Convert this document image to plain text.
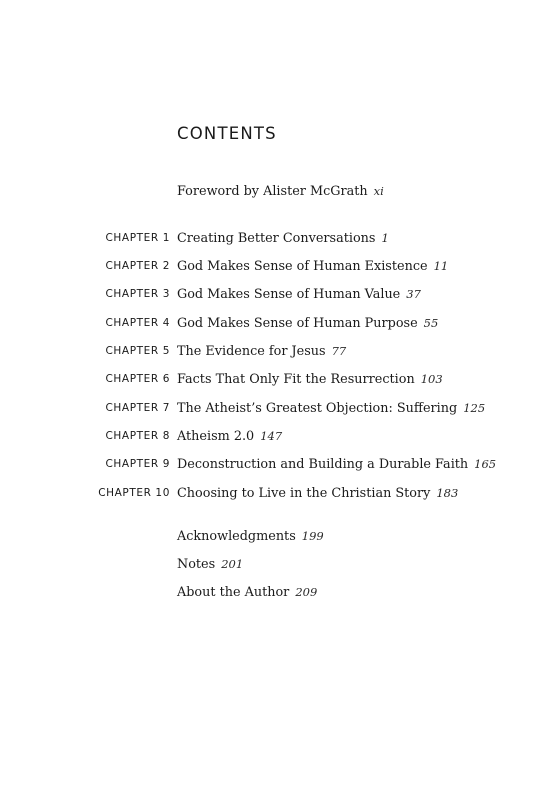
CONTENTS
Foreword by Alister McGrath xi
CHAPTER 1 Creating Better Conversations 1
CHAPTER 2 God Makes Sense of Human Existence 11
CHAPTER 3 God Makes Sense of Human Value 37
CHAPTER 4 God Makes Sense of Human Purpose 55
CHAPTER 5 The Evidence for Jesus 77
CHAPTER 6 Facts That Only Fit the Resurrection 103
CHAPTER 7 The Atheist’s Greatest Objection: Suffering 125
CHAPTER 8 Atheism 2.0 147
CHAPTER 9 Deconstruction and Building a Durable Faith 165
CHAPTER 10 Choosing to Live in the Christian Story 183
Acknowledgments 199
Notes 201
About the Author 209
